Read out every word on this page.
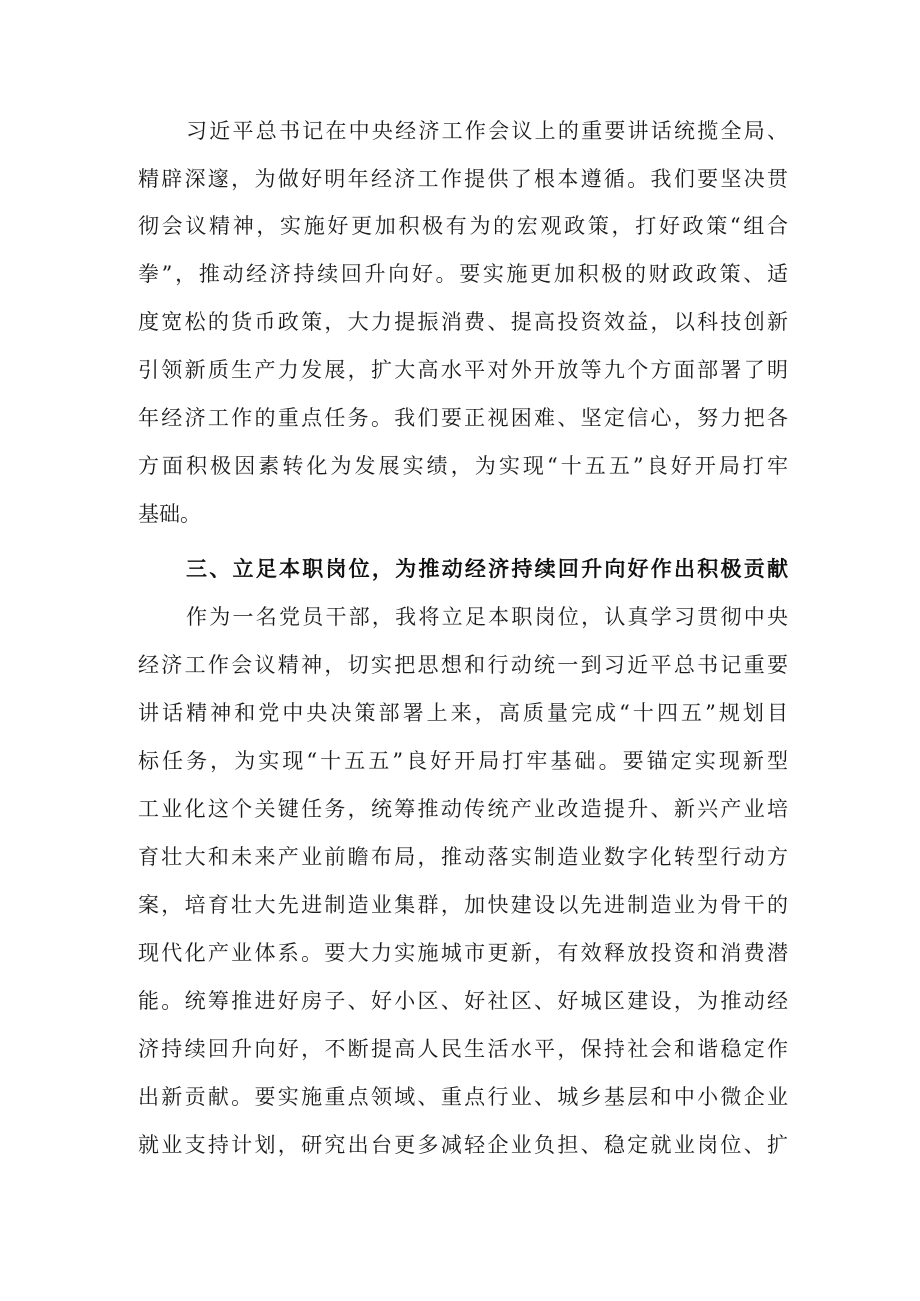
习近平总书记在中央经济工作会议上的重要讲话统揽全局、
精辟深邃，为做好明年经济工作提供了根本遵循。我们要坚决贯
彻会议精神，实施好更加积极有为的宏观政策，打好政策“组合
拳”，推动经济持续回升向好。要实施更加积极的财政政策、适
度宽松的货币政策，大力提振消费、提高投资效益，以科技创新
引领新质生产力发展，扩大高水平对外开放等九个方面部署了明
年经济工作的重点任务。我们要正视困难、坚定信心，努力把各
方面积极因素转化为发展实绩，为实现“十五五”良好开局打牢
基础。
三、立足本职岗位，为推动经济持续回升向好作出积极贡献
作为一名党员干部，我将立足本职岗位，认真学习贯彻中央
经济工作会议精神，切实把思想和行动统一到习近平总书记重要
讲话精神和党中央决策部署上来，高质量完成“十四五”规划目
标任务，为实现“十五五”良好开局打牢基础。要锚定实现新型
工业化这个关键任务，统筹推动传统产业改造提升、新兴产业培
育壮大和未来产业前瞻布局，推动落实制造业数字化转型行动方
案，培育壮大先进制造业集群，加快建设以先进制造业为骨干的
现代化产业体系。要大力实施城市更新，有效释放投资和消费潜
能。统筹推进好房子、好小区、好社区、好城区建设，为推动经
济持续回升向好，不断提高人民生活水平，保持社会和谐稳定作
出新贡献。要实施重点领域、重点行业、城乡基层和中小微企业
就业支持计划，研究出台更多减轻企业负担、稳定就业岗位、扩
